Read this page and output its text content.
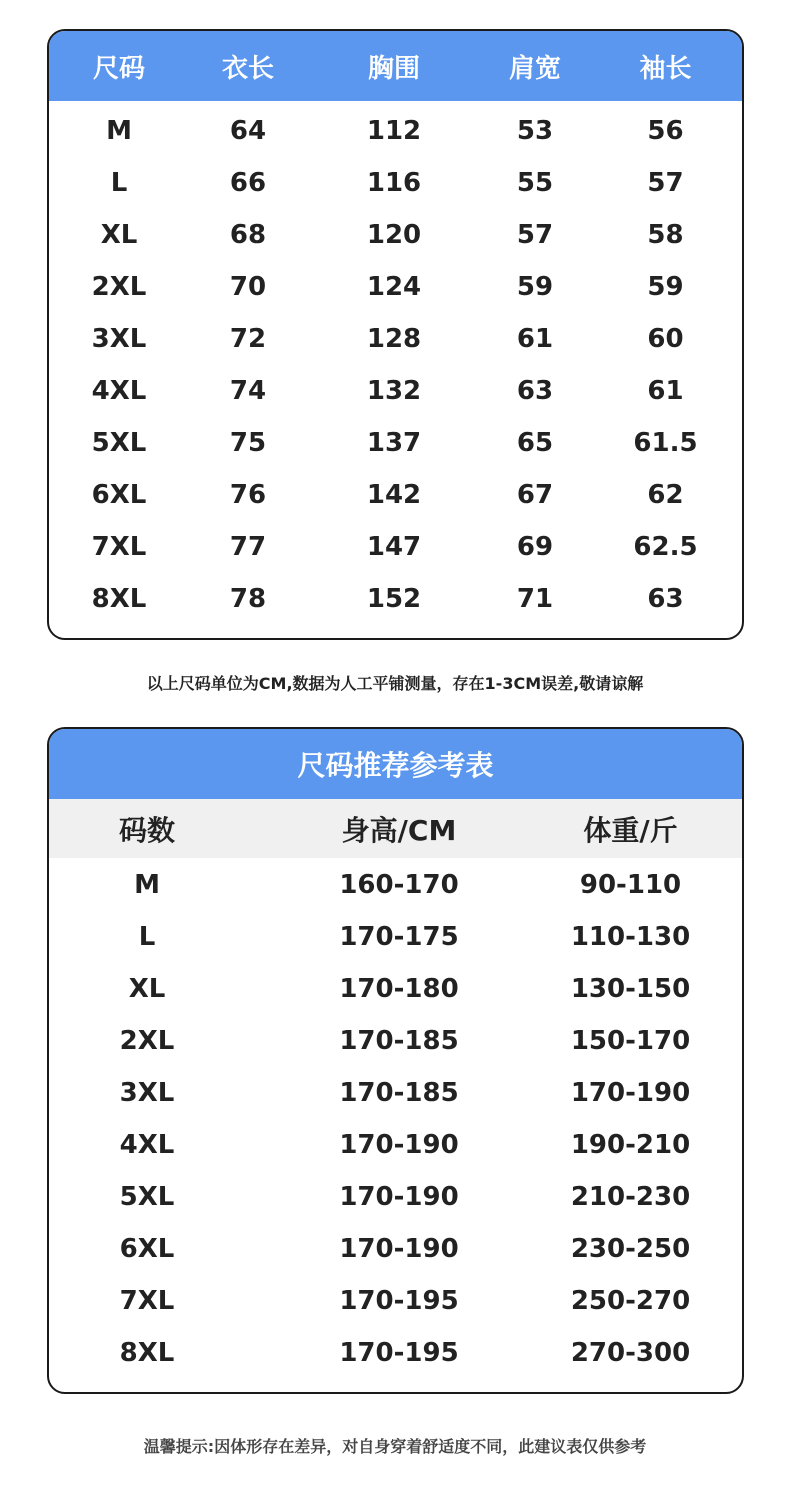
尺码	衣长	胸围	肩宽	袖长
M	64	112	53	56
L	66	116	55	57
XL	68	120	57	58
2XL	70	124	59	59
3XL	72	128	61	60
4XL	74	132	63	61
5XL	75	137	65	61.5
6XL	76	142	67	62
7XL	77	147	69	62.5
8XL	78	152	71	63
以上尺码单位为CM,数据为人工平铺测量，存在1-3CM误差,敬请谅解
尺码推荐参考表
码数	身高/CM	体重/斤
M	160-170	90-110
L	170-175	110-130
XL	170-180	130-150
2XL	170-185	150-170
3XL	170-185	170-190
4XL	170-190	190-210
5XL	170-190	210-230
6XL	170-190	230-250
7XL	170-195	250-270
8XL	170-195	270-300
温馨提示:因体形存在差异，对自身穿着舒适度不同，此建议表仅供参考
